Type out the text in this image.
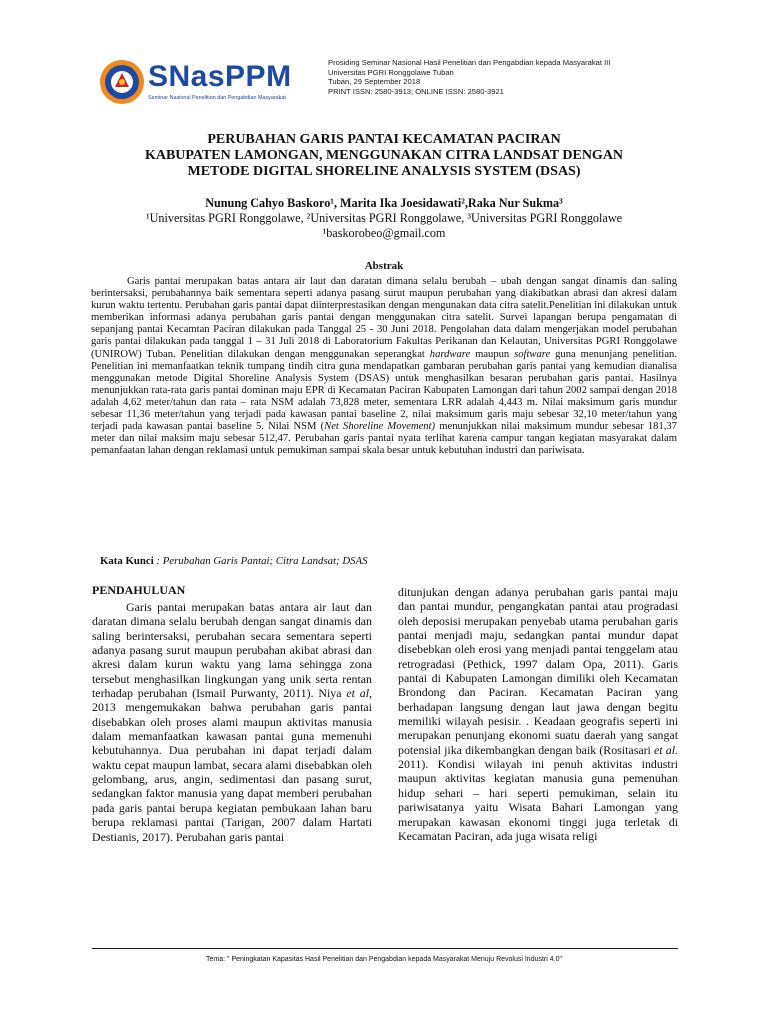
SNasPPM
Seminar Nasional Penelitian dan Pengabdian Masyarakat
Prosiding Seminar Nasional Hasil Penelitian dan Pengabdian kepada Masyarakat III
Universitas PGRI Ronggolawe Tuban
Tuban, 29 September 2018
PRINT ISSN: 2580-3913; ONLINE ISSN: 2580-3921
PERUBAHAN GARIS PANTAI KECAMATAN PACIRAN
KABUPATEN LAMONGAN, MENGGUNAKAN CITRA LANDSAT DENGAN
METODE DIGITAL SHORELINE ANALYSIS SYSTEM (DSAS)
Nunung Cahyo Baskoro¹, Marita Ika Joesidawati²,Raka Nur Sukma³
¹Universitas PGRI Ronggolawe, ²Universitas PGRI Ronggolawe, ³Universitas PGRI Ronggolawe
¹baskorobeo@gmail.com
Abstrak

Garis pantai merupakan batas antara air laut dan daratan dimana selalu berubah – ubah dengan sangat dinamis dan saling berintersaksi, perubahannya baik sementara seperti adanya pasang surut maupun perubahan yang diakibatkan abrasi dan akresi dalam kurun waktu tertentu. Perubahan garis pantai dapat diinterprestasikan dengan mengunakan data citra satelit.Penelitian ini dilakukan untuk memberikan informasi adanya perubahan garis pantai dengan menggunakan citra satelit. Survei lapangan berupa pengamatan di sepanjang pantai Kecamtan Paciran dilakukan pada Tanggal 25 - 30 Juni 2018. Pengolahan data dalam mengerjakan model perubahan garis pantai dilakukan pada tanggal 1 – 31 Juli 2018 di Laboratorium Fakultas Perikanan dan Kelautan, Universitas PGRI Ronggolawe (UNIROW) Tuban. Penelitian dilakukan dengan menggunakan seperangkat hardware maupun software guna menunjang penelitian. Penelitian ini memanfaatkan teknik tumpang tindih citra guna mendapatkan gambaran perubahan garis pantai yang kemudian dianalisa menggunakan metode Digital Shoreline Analysis System (DSAS) untuk menghasilkan besaran perubahan garis pantai. Hasilnya menunjukkan rata-rata garis pantai dominan maju EPR di Kecamatan Paciran Kabupaten Lamongan dari tahun 2002 sampai dengan 2018 adalah 4,62 meter/tahun dan rata – rata NSM adalah 73,828 meter, sementara LRR adalah 4,443 m. Nilai maksimum garis mundur sebesar 11,36 meter/tahun yang terjadi pada kawasan pantai baseline 2, nilai maksimum garis maju sebesar 32,10 meter/tahun yang terjadi pada kawasan pantai baseline 5. Nilai NSM (Net Shoreline Movement) menunjukkan nilai maksimum mundur sebesar 181,37 meter dan nilai maksim maju sebesar 512,47. Perubahan garis pantai nyata terlihat karena campur tangan kegiatan masyarakat dalam pemanfaatan lahan dengan reklamasi untuk pemukiman sampai skala besar untuk kebutuhan industri dan pariwisata.

Kata Kunci : Perubahan Garis Pantai; Citra Landsat; DSAS
PENDAHULUAN

Garis pantai merupakan batas antara air laut dan daratan dimana selalu berubah dengan sangat dinamis dan saling berintersaksi, perubahan secara sementara seperti adanya pasang surut maupun perubahan akibat abrasi dan akresi dalam kurun waktu yang lama sehingga zona tersebut menghasilkan lingkungan yang unik serta rentan terhadap perubahan (Ismail Purwanty, 2011). Niya et al, 2013 mengemukakan bahwa perubahan garis pantai disebabkan oleh proses alami maupun aktivitas manusia dalam memanfaatkan kawasan pantai guna memenuhi kebutuhannya. Dua perubahan ini dapat terjadi dalam waktu cepat maupun lambat, secara alami disebabkan oleh gelombang, arus, angin, sedimentasi dan pasang surut, sedangkan faktor manusia yang dapat memberi perubahan pada garis pantai berupa kegiatan pembukaan lahan baru berupa reklamasi pantai (Tarigan, 2007 dalam Hartati Destianis, 2017). Perubahan garis pantai

ditunjukan dengan adanya perubahan garis pantai maju dan pantai mundur, pengangkatan pantai atau progradasi oleh deposisi merupakan penyebab utama perubahan garis pantai menjadi maju, sedangkan pantai mundur dapat disebebkan oleh erosi yang menjadi pantai tenggelam atau retrogradasi (Pethick, 1997 dalam Opa, 2011). Garis pantai di Kabupaten Lamongan dimiliki oleh Kecamatan Brondong dan Paciran. Kecamatan Paciran yang berhadapan langsung dengan laut jawa dengan begitu memiliki wilayah pesisir. . Keadaan geografis seperti ini merupakan penunjang ekonomi suatu daerah yang sangat potensial jika dikembangkan dengan baik (Rositasari et al. 2011). Kondisi wilayah ini penuh aktivitas industri maupun aktivitas kegiatan manusia guna pemenuhan hidup sehari – hari seperti pemukiman, selain itu pariwisatanya yaitu Wisata Bahari Lamongan yang merupakan kawasan ekonomi tinggi juga terletak di Kecamatan Paciran, ada juga wisata religi

Tema: " Peningkatan Kapasitas Hasil Penelitian dan Pengabdian kepada Masyarakat Menuju Revolusi Industri 4.0"
